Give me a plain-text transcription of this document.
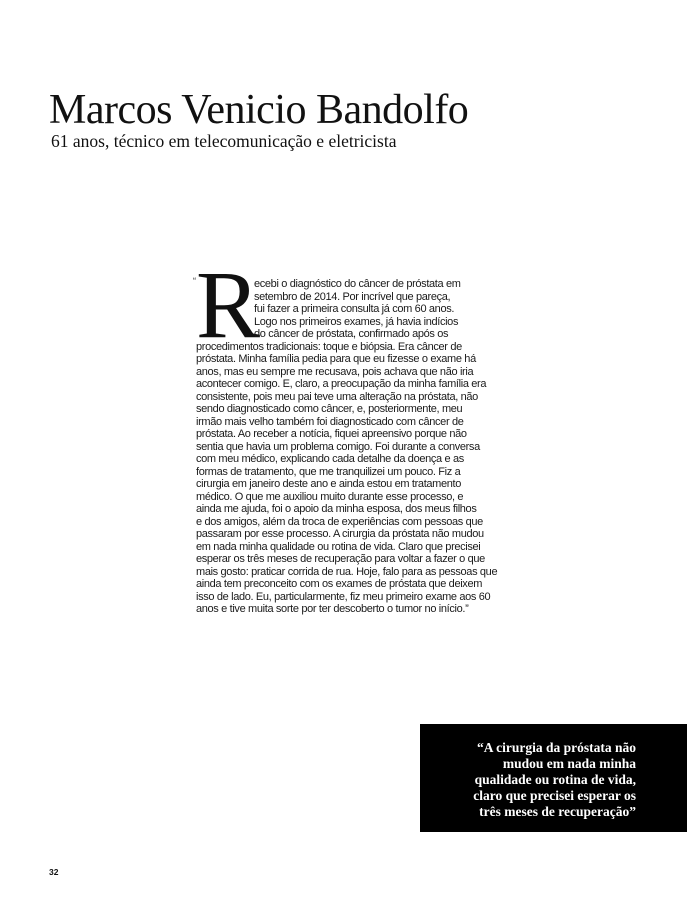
Marcos Venicio Bandolfo
61 anos, técnico em telecomunicação e eletricista
“ R

ecebi o diagnóstico do câncer de próstata em

setembro de 2014. Por incrível que pareça,

fui fazer a primeira consulta já com 60 anos.

Logo nos primeiros exames, já havia indícios

do câncer de próstata, confirmado após os

procedimentos tradicionais: toque e biópsia. Era câncer de

próstata. Minha família pedia para que eu fizesse o exame há

anos, mas eu sempre me recusava, pois achava que não iria

acontecer comigo. E, claro, a preocupação da minha família era

consistente, pois meu pai teve uma alteração na próstata, não

sendo diagnosticado como câncer, e, posteriormente, meu

irmão mais velho também foi diagnosticado com câncer de

próstata. Ao receber a notícia, fiquei apreensivo porque não

sentia que havia um problema comigo. Foi durante a conversa

com meu médico, explicando cada detalhe da doença e as

formas de tratamento, que me tranquilizei um pouco. Fiz a

cirurgia em janeiro deste ano e ainda estou em tratamento

médico. O que me auxiliou muito durante esse processo, e

ainda me ajuda, foi o apoio da minha esposa, dos meus filhos

e dos amigos, além da troca de experiências com pessoas que

passaram por esse processo. A cirurgia da próstata não mudou

em nada minha qualidade ou rotina de vida. Claro que precisei

esperar os três meses de recuperação para voltar a fazer o que

mais gosto: praticar corrida de rua. Hoje, falo para as pessoas que

ainda tem preconceito com os exames de próstata que deixem

isso de lado. Eu, particularmente, fiz meu primeiro exame aos 60

anos e tive muita sorte por ter descoberto o tumor no início.”

“A cirurgia da próstata não

mudou em nada minha

qualidade ou rotina de vida,

claro que precisei esperar os

três meses de recuperação”

32
